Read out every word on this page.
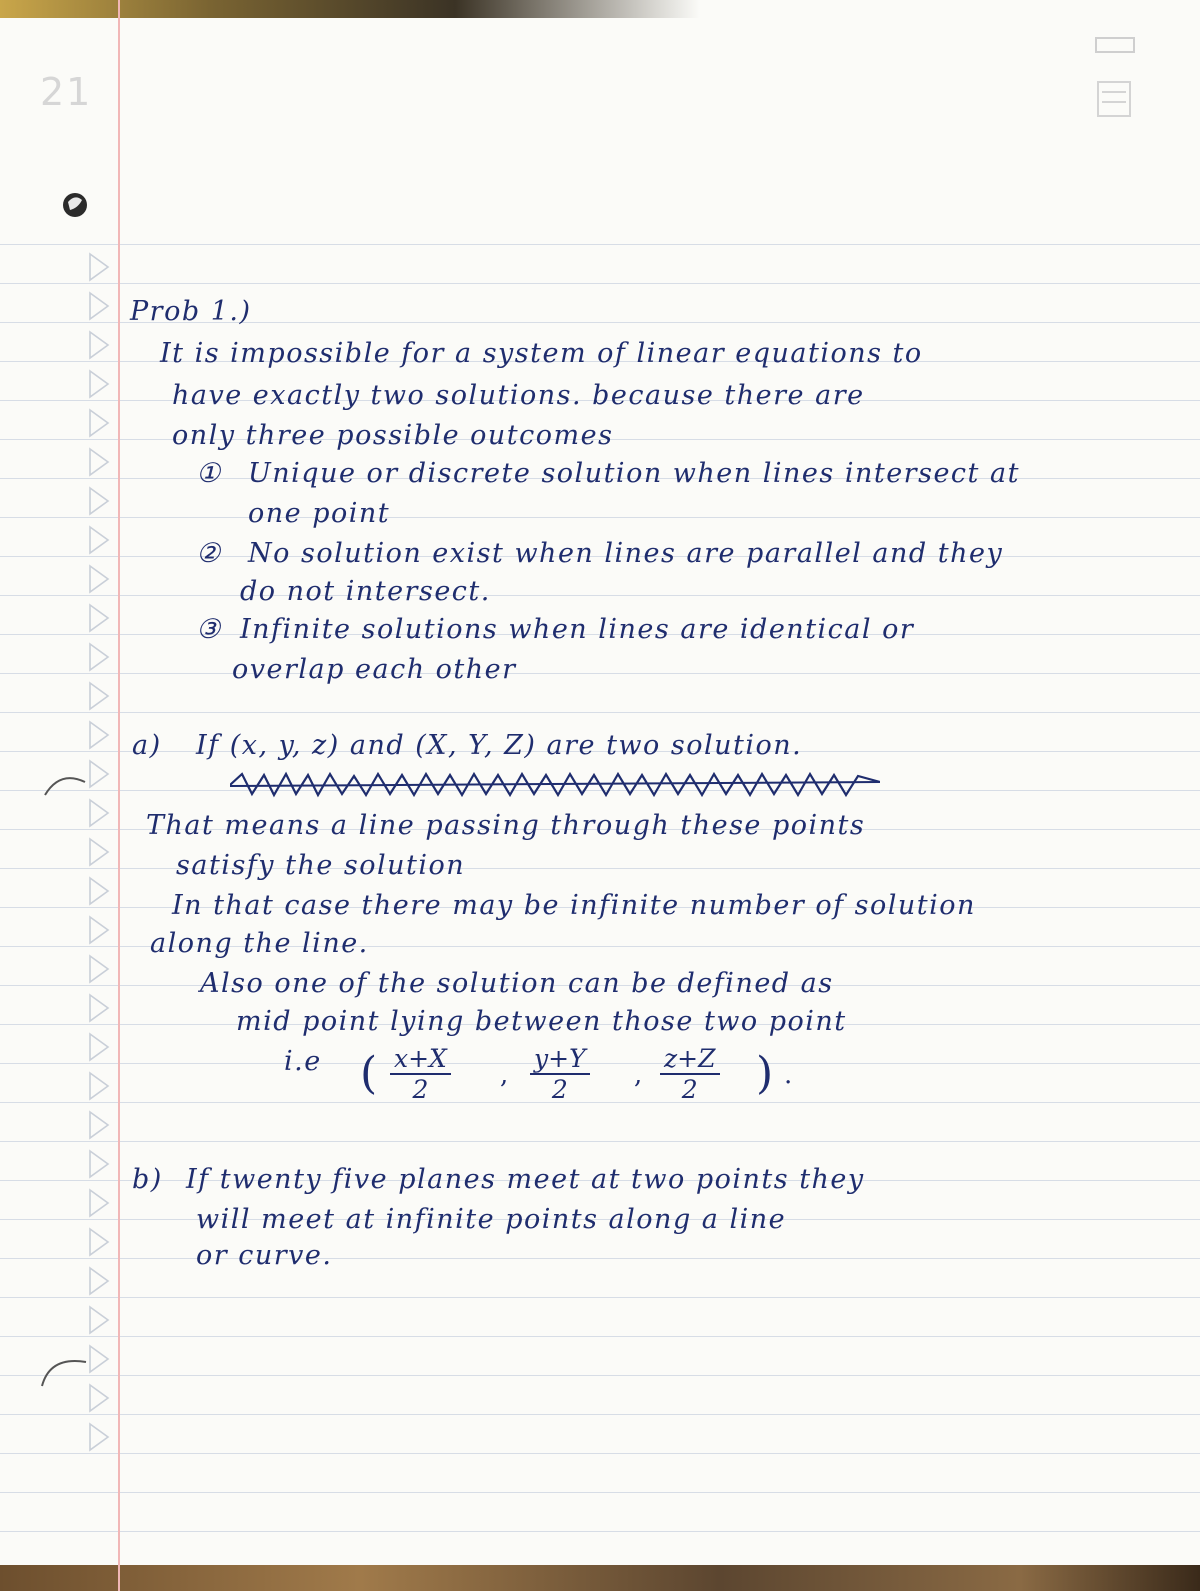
21
Prob 1.)
It is impossible for a system of linear equations to
have exactly two solutions. because there are
only three possible outcomes
① Unique or discrete solution when lines intersect at
one point
② No solution exist when lines are parallel and they
do not intersect.
③ Infinite solutions when lines are identical or
overlap each other
a) If (x, y, z) and (X, Y, Z) are two solution.
That means a line passing through these points
satisfy the solution
In that case there may be infinite number of solution
along the line.
Also one of the solution can be defined as
mid point lying between those two point
i.e ( $\frac{x+X}{2}$ , $\frac{y+Y}{2}$ , $\frac{z+Z}{2}$ ) .
b) If twenty five planes meet at two points they
will meet at infinite points along a line
or curve.
